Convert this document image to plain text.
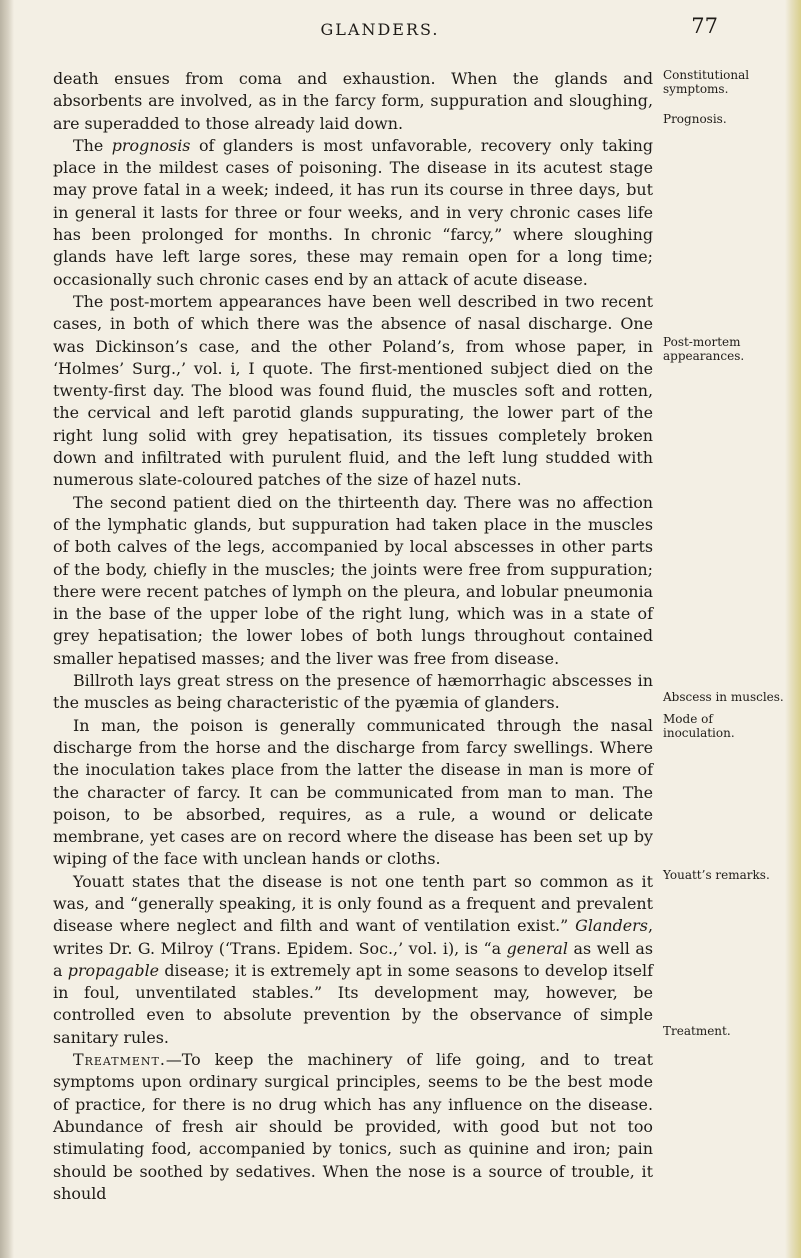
GLANDERS.	77

death ensues from coma and exhaustion. When the glands and absorbents are involved, as in the farcy form, suppuration and sloughing, are superadded to those already laid down.

The prognosis of glanders is most unfavorable, recovery only taking place in the mildest cases of poisoning. The disease in its acutest stage may prove fatal in a week; indeed, it has run its course in three days, but in general it lasts for three or four weeks, and in very chronic cases life has been prolonged for months. In chronic “farcy,” where sloughing glands have left large sores, these may remain open for a long time; occasionally such chronic cases end by an attack of acute disease.

The post-mortem appearances have been well described in two recent cases, in both of which there was the absence of nasal discharge. One was Dickinson’s case, and the other Poland’s, from whose paper, in ‘Holmes’ Surg.,’ vol. i, I quote. The first-mentioned subject died on the twenty-first day. The blood was found fluid, the muscles soft and rotten, the cervical and left parotid glands suppurating, the lower part of the right lung solid with grey hepatisation, its tissues completely broken down and infiltrated with purulent fluid, and the left lung studded with numerous slate-coloured patches of the size of hazel nuts.

The second patient died on the thirteenth day. There was no affection of the lymphatic glands, but suppuration had taken place in the muscles of both calves of the legs, accompanied by local abscesses in other parts of the body, chiefly in the muscles; the joints were free from suppuration; there were recent patches of lymph on the pleura, and lobular pneumonia in the base of the upper lobe of the right lung, which was in a state of grey hepatisation; the lower lobes of both lungs throughout contained smaller hepatised masses; and the liver was free from disease.

Billroth lays great stress on the presence of hæmorrhagic abscesses in the muscles as being characteristic of the pyæmia of glanders.

In man, the poison is generally communicated through the nasal discharge from the horse and the discharge from farcy swellings. Where the inoculation takes place from the latter the disease in man is more of the character of farcy. It can be communicated from man to man. The poison, to be absorbed, requires, as a rule, a wound or delicate membrane, yet cases are on record where the disease has been set up by wiping of the face with unclean hands or cloths.

Youatt states that the disease is not one tenth part so common as it was, and “generally speaking, it is only found as a frequent and prevalent disease where neglect and filth and want of ventilation exist.” Glanders, writes Dr. G. Milroy (‘Trans. Epidem. Soc.,’ vol. i), is “a general as well as a propagable disease; it is extremely apt in some seasons to develop itself in foul, unventilated stables.” Its development may, however, be controlled even to absolute prevention by the observance of simple sanitary rules.

Treatment.—To keep the machinery of life going, and to treat symptoms upon ordinary surgical principles, seems to be the best mode of practice, for there is no drug which has any influence on the disease. Abundance of fresh air should be provided, with good but not too stimulating food, accompanied by tonics, such as quinine and iron; pain should be soothed by sedatives. When the nose is a source of trouble, it should

Constitutional symptoms.
Prognosis.
Post-mortem appearances.
Abscess in muscles.
Mode of inoculation.
Youatt’s remarks.
Treatment.
